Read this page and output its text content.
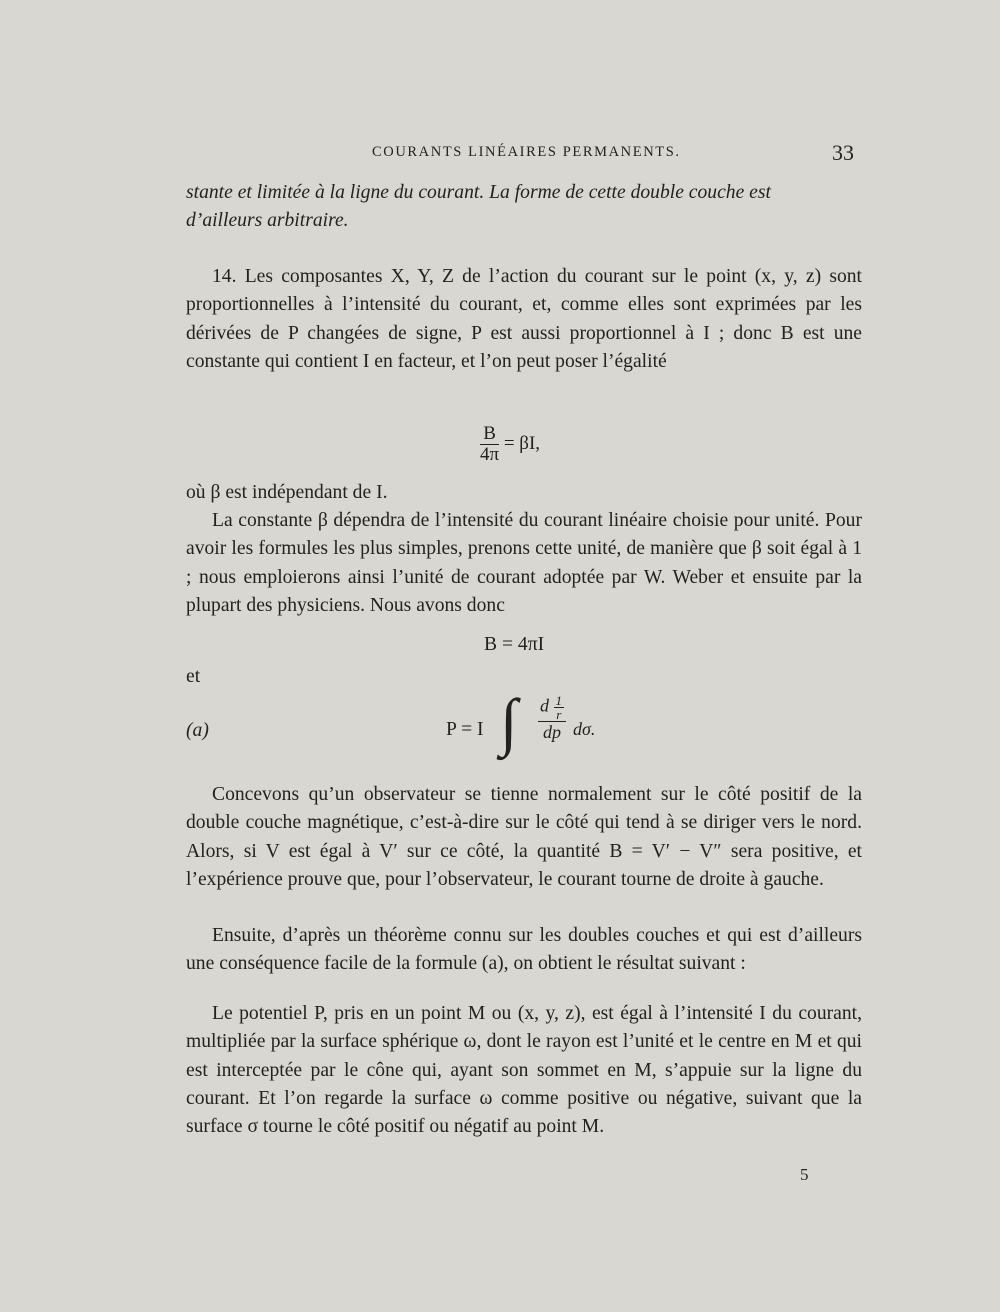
COURANTS LINÉAIRES PERMANENTS.	33

stante et limitée à la ligne du courant. La forme de cette double couche est

d’ailleurs arbitraire.

14. Les composantes X, Y, Z de l’action du courant sur le point (x, y, z) sont proportionnelles à l’intensité du courant, et, comme elles sont exprimées par les dérivées de P changées de signe, P est aussi proportionnel à I ; donc B est une constante qui contient I en facteur, et l’on peut poser l’égalité

$\frac{B}{4\pi} = \beta I$,

où β est indépendant de I.

La constante β dépendra de l’intensité du courant linéaire choisie pour unité. Pour avoir les formules les plus simples, prenons cette unité, de manière que β soit égal à 1 ; nous emploierons ainsi l’unité de courant adoptée par W. Weber et ensuite par la plupart des physiciens. Nous avons donc

B = 4πI
et
(a)	P = I ∫ $\frac{d \frac{1}{r}}{dp} d\sigma$.

Concevons qu’un observateur se tienne normalement sur le côté positif de la double couche magnétique, c’est-à-dire sur le côté qui tend à se diriger vers le nord. Alors, si V est égal à V′ sur ce côté, la quantité B = V′ − V″ sera positive, et l’expérience prouve que, pour l’observateur, le courant tourne de droite à gauche.

Ensuite, d’après un théorème connu sur les doubles couches et qui est d’ailleurs une conséquence facile de la formule (a), on obtient le résultat suivant :

Le potentiel P, pris en un point M ou (x, y, z), est égal à l’intensité I du courant, multipliée par la surface sphérique ω, dont le rayon est l’unité et le centre en M et qui est interceptée par le cône qui, ayant son sommet en M, s’appuie sur la ligne du courant. Et l’on regarde la surface ω comme positive ou négative, suivant que la surface σ tourne le côté positif ou négatif au point M.

5
